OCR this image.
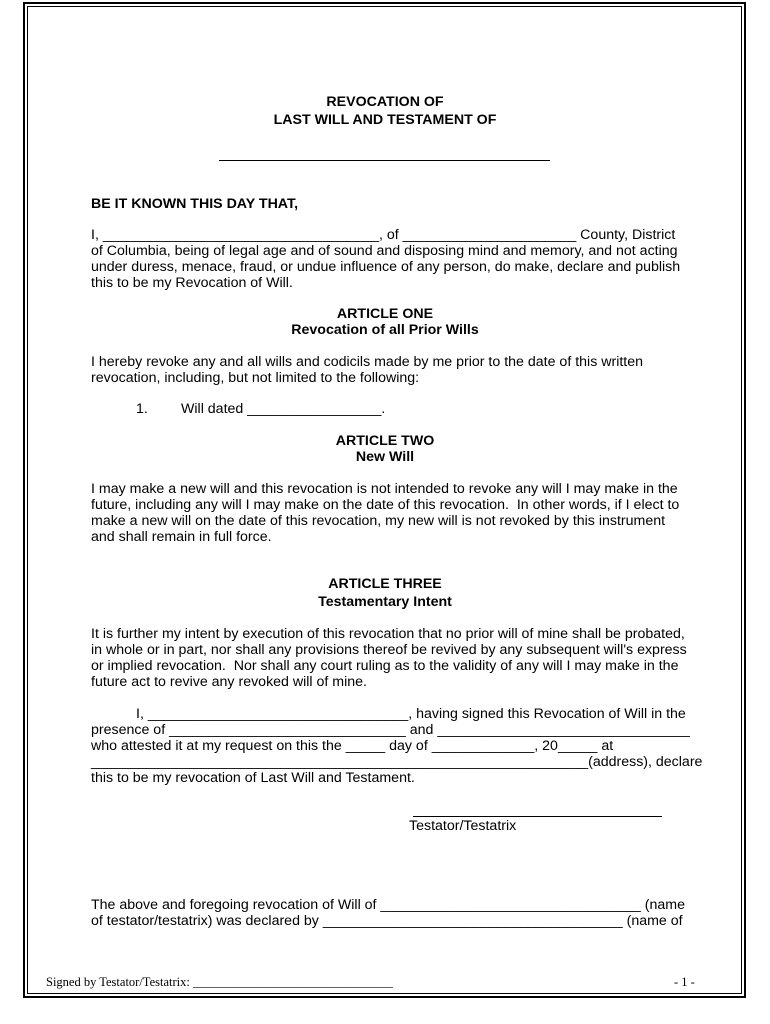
REVOCATION OF

LAST WILL AND TESTAMENT OF

BE IT KNOWN THIS DAY THAT,

I, ___________________________________, of ______________________ County, District

of Columbia, being of legal age and of sound and disposing mind and memory, and not acting

under duress, menace, fraud, or undue influence of any person, do make, declare and publish

this to be my Revocation of Will.

ARTICLE ONE

Revocation of all Prior Wills

I hereby revoke any and all wills and codicils made by me prior to the date of this written

revocation, including, but not limited to the following:

1. Will dated _________________.

ARTICLE TWO

New Will

I may make a new will and this revocation is not intended to revoke any will I may make in the

future, including any will I may make on the date of this revocation.  In other words, if I elect to

make a new will on the date of this revocation, my new will is not revoked by this instrument

and shall remain in full force.

ARTICLE THREE

Testamentary Intent

It is further my intent by execution of this revocation that no prior will of mine shall be probated,

in whole or in part, nor shall any provisions thereof be revived by any subsequent will's express

or implied revocation.  Nor shall any court ruling as to the validity of any will I may make in the

future act to revive any revoked will of mine.

I, _________________________________, having signed this Revocation of Will in the

presence of ______________________________ and ________________________________

who attested it at my request on this the _____ day of _____________, 20_____ at

_______________________________________________________________(address), declare

this to be my revocation of Last Will and Testament.

Testator/Testatrix

The above and foregoing revocation of Will of _________________________________ (name

of testator/testatrix) was declared by ______________________________________ (name of

Signed by Testator/Testatrix: ________________________________	- 1 -
